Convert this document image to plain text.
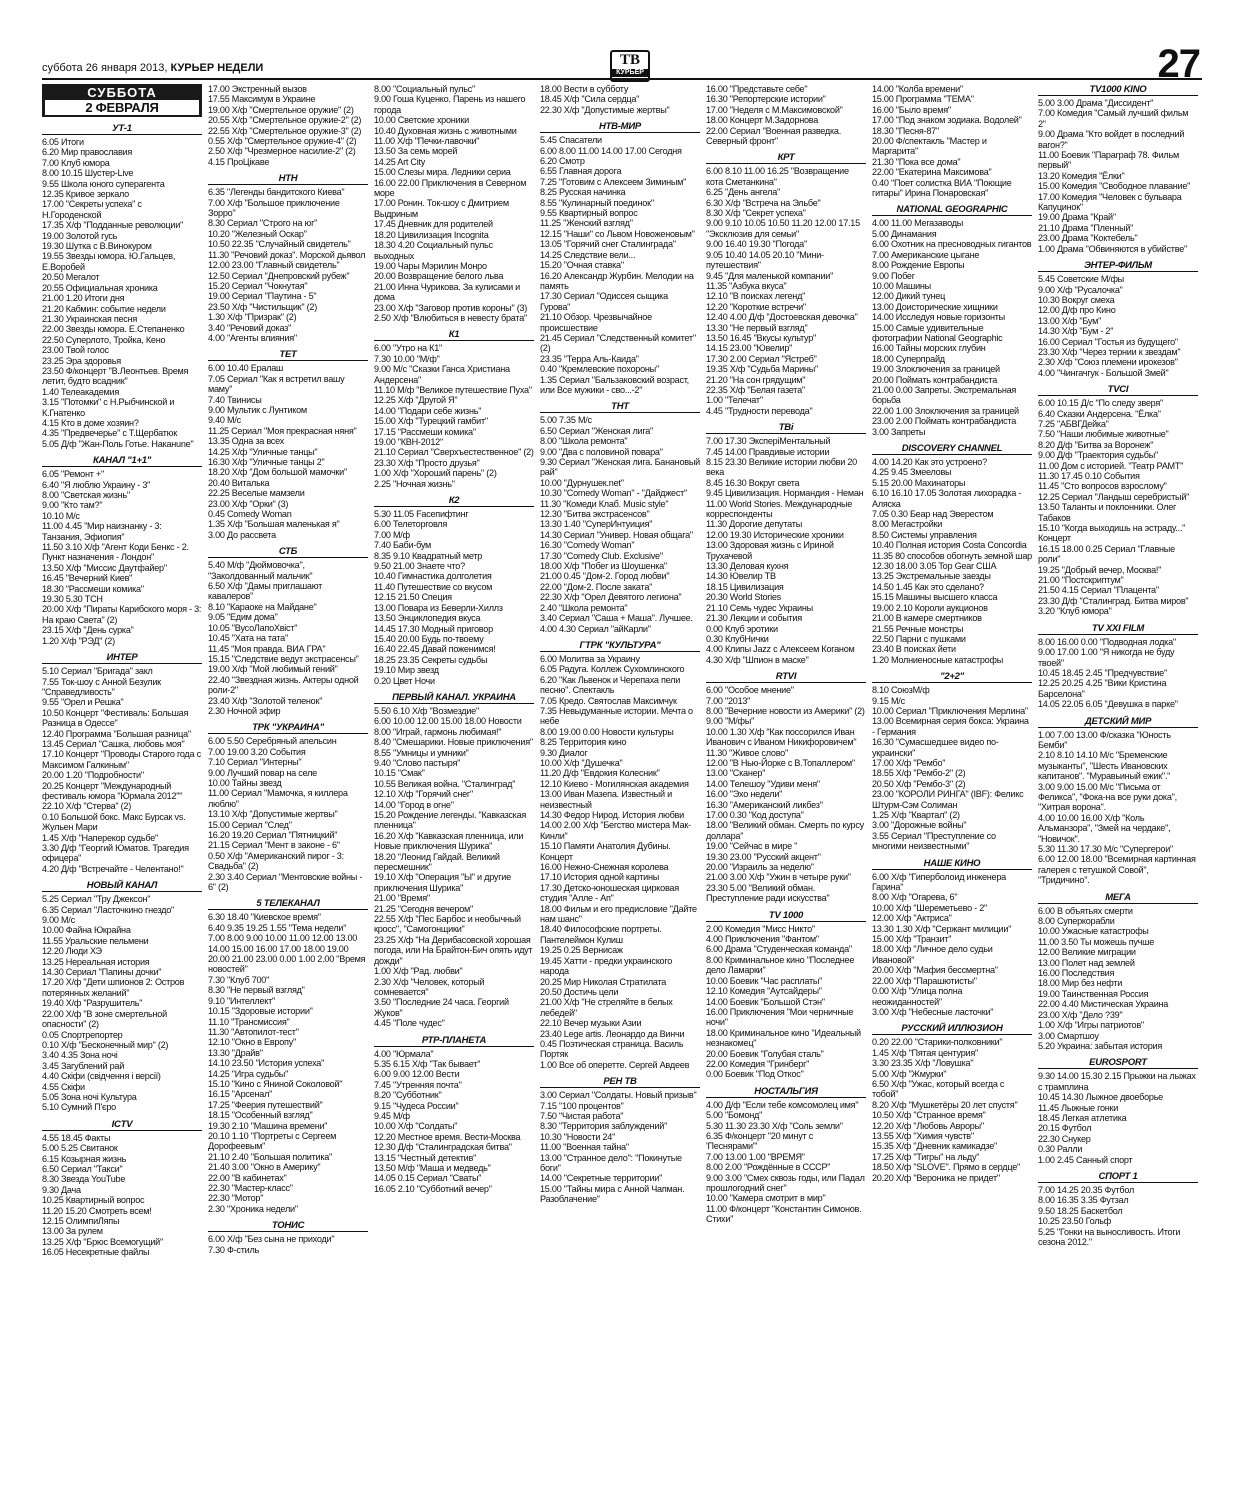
суббота 26 января 2013, КУРЬЕР НЕДЕЛИ	ТВ
КУРЬЕР	27
СУББОТА
2 ФЕВРАЛЯ
УТ-1
6.05 Итоги
6.20 Мир православия
7.00 Клуб юмора
8.00 10.15 Шустер-Live
9.55 Школа юного суперагента
12.35 Кривое зеркало
17.00 "Секреты успеха" с Н.Городенской
17.35 Х/ф "Подданные революции"
19.00 Золотой гусь
19.30 Шутка с В.Винокуром
19.55 Звезды юмора. Ю.Гальцев, Е.Воробей
20.50 Мегалот
20.55 Официальная хроника
21.00 1.20 Итоги дня
21.20 Кабмин: событие недели
21.30 Украинская песня
22.00 Звезды юмора. Е.Степаненко
22.50 Суперлото, Тройка, Кено
23.00 Твой голос
23.25 Эра здоровья
23.50 Ф/концерт "В.Леонтьев. Время летит, будто всадник"
1.40 Телеакадемия
3.15 "Потомки" с Н.Рыбчинской и К.Гнатенко
4.15 Кто в доме хозяин?
4.35 "Предвечерье" с Т.Щербатюк
5.05 Д/ф "Жан-Поль Готье. Наканune"
КАНАЛ "1+1"
6.05 "Ремонт +"
6.40 "Я люблю Украину - 3"
8.00 "Светская жизнь"
9.00 "Кто там?"
10.10 М/с
11.00 4.45 "Мир наизнанку - 3: Танзания, Эфиопия"
11.50 3.10 Х/ф "Агент Коди Бенкс - 2. Пункт назначения - Лондон"
13.50 Х/ф "Миссис Даутфайер"
16.45 "Вечерний Киев"
18.30 "Рассмеши комика"
19.30 5.30 ТСН
20.00 Х/ф "Пираты Карибского моря - 3: На краю Света" (2)
23.15 Х/ф "День сурка"
1.20 Х/ф "РЭД" (2)
ИНТЕР
5.10 Сериал "Бригада" закл
7.55 Ток-шоу с Анной Безулик "Справедливость"
9.55 "Орел и Решка"
10.50 Концерт "Фестиваль: Большая Разница в Одессе"
12.40 Программа "Большая разница"
13.45 Сериал "Сашка, любовь моя"
17.10 Концерт "Проводы Старого года с Максимом Галкиным"
20.00 1.20 "Подробности"
20.25 Концерт "Международный фестиваль юмора "Юрмала 2012""
22.10 Х/ф "Стерва" (2)
0.10 Большой бокс. Макс Бурсак vs. Жульен Мари
1.45 Х/ф "Наперекор судьбе"
3.30 Д/ф "Георгий Юматов. Трагедия офицера"
4.20 Д/ф "Встречайте - Челентано!"
НОВЫЙ КАНАЛ
5.25 Сериал "Тру Джексон"
6.35 Сериал "Ласточкино гнездо"
9.00 М/с
10.00 Файна Юкрайна
11.55 Уральские пельмени
12.20 Люди ХЭ
13.25 Нереальная история
14.30 Сериал "Папины дочки"
17.20 Х/ф "Дети шпионов 2: Остров потерянных желаний"
19.40 Х/ф "Разрушитель"
22.00 Х/ф "В зоне смертельной опасности" (2)
0.05 Спортрепортер
0.10 Х/ф "Бесконечный мир" (2)
3.40 4.35 Зона ночі
3.45 Загублений рай
4.40 Скіфи (свідчення і версії)
4.55 Скіфи
5.05 Зона ночі Культура
5.10 Сумний П'єро
ICTV
4.55 18.45 Факты
5.00 5.25 Свитанок
6.15 Козырная жизнь
6.50 Сериал "Такси"
8.30 Звезда YouTube
9.30 Дача
10.25 Квартирный вопрос
11.20 15.20 Смотреть всем!
12.15 ОлимпиЛяпы
13.00 За рулем
13.25 Х/ф "Брюс Всемогущий"
16.05 Несекретные файлы
17.00 Экстренный вызов
17.55 Максимум в Украине
19.00 Х/ф "Смертельное оружие" (2)
20.55 Х/ф "Смертельное оружие-2" (2)
22.55 Х/ф "Смертельное оружие-3" (2)
0.55 Х/ф "Смертельное оружие-4" (2)
2.50 Х/ф "Чрезмерное насилие-2" (2)
4.15 ПроЦікаве
НТН
6.35 "Легенды бандитского Киева"
7.00 Х/ф "Большое приключение Зорро"
8.30 Сериал "Строго на юг"
10.20 "Железный Оскар"
10.50 22.35 "Случайный свидетель"
11.30 "Речовий доказ". Морской дьявол
12.00 23.00 "Главный свидетель"
12.50 Сериал "Днепровский рубеж"
15.20 Сериал "Чокнутая"
19.00 Сериал "Паутина - 5"
23.50 Х/ф "Чистильщик" (2)
1.30 Х/ф "Призрак" (2)
3.40 "Речовий доказ"
4.00 "Агенты влияния"
ТЕТ
6.00 10.40 Ералаш
7.05 Сериал "Как я встретил вашу маму"
7.40 Твинисы
9.00 Мультик с Лунтиком
9.40 М/с
11.25 Сериал "Моя прекрасная няня"
13.35 Одна за всех
14.25 Х/ф "Уличные танцы"
16.30 Х/ф "Уличные танцы 2"
18.20 Х/ф "Дом большой мамочки"
20.40 Виталька
22.25 Веселые мамзели
23.00 Х/ф "Орки" (3)
0.45 Comedy Woman
1.35 Х/ф "Большая маленькая я"
3.00 До рассвета
СТБ
5.40 М/ф "Дюймовочка", "Заколдованный мальчик"
6.50 Х/ф "Дамы приглашают кавалеров"
8.10 "Караоке на Майдане"
9.05 "Едим дома"
10.05 "ВусоЛапоХвіст"
10.45 "Хата на тата"
11.45 "Моя правда. ВИА ГРА"
15.15 "Следствие ведут экстрасенсы"
19.00 Х/ф "Мой любимый гений"
22.40 "Звездная жизнь. Актеры одной роли-2"
23.40 Х/ф "Золотой теленок"
2.30 Ночной эфир
ТРК "УКРАИНА"
6.00 5.50 Серебряный апельсин
7.00 19.00 3.20 События
7.10 Сериал "Интерны"
9.00 Лучший повар на селе
10.00 Тайны звезд
11.00 Сериал "Мамочка, я киллера люблю"
13.10 Х/ф "Допустимые жертвы"
15.00 Сериал "След"
16.20 19.20 Сериал "Пятницкий"
21.15 Сериал "Мент в законе - 6"
0.50 Х/ф "Американский пирог - 3: Свадьба" (2)
2.30 3.40 Сериал "Ментовские войны - 6" (2)
5 ТЕЛЕКАНАЛ
6.30 18.40 "Киевское время"
6.40 9.35 19.25 1.55 "Тема недели"
7.00 8.00 9.00 10.00 11.00 12.00 13.00 14.00 15.00 16.00 17.00 18.00 19.00 20.00 21.00 23.00 0.00 1.00 2.00 "Время новостей"
7.30 "Клуб 700"
8.30 "Не первый взгляд"
9.10 "Интеллект"
10.15 "Здоровые истории"
11.10 "Трансмиссия"
11.30 "Автопилот-тест"
12.10 "Окно в Европу"
13.30 "Драйв"
14.10 23.50 "История успеха"
14.25 "Игра судьбы"
15.10 "Кино с Яниной Соколовой"
16.15 "Арсенал"
17.25 "Феерия путешествий"
18.15 "Особенный взгляд"
19.30 2.10 "Машина времени"
20.10 1.10 "Портреты с Сергеем Дорофеевым"
21.10 2.40 "Большая политика"
21.40 3.00 "Окно в Америку"
22.00 "В кабинетах"
22.30 "Мастер-класс"
22.30 "Мотор"
2.30 "Хроника недели"
ТОНИС
6.00 Х/ф "Без сына не приходи"
7.30 Ф-стиль
8.00 "Социальный пульс"
9.00 Гоша Куценко. Парень из нашего города
10.00 Светские хроники
10.40 Духовная жизнь с животными
11.00 Х/ф "Печки-лавочки"
13.50 За семь морей
14.25 Art City
15.00 Слезы мира. Ледники сериа
16.00 22.00 Приключения в Северном море
17.00 Ронин. Ток-шоу с Дмитрием Выдриным
17.45 Дневник для родителей
18.20 Цивилизация Incognita
18.30 4.20 Социальный пульс выходных
19.00 Чары Мэрилин Монро
20.00 Возвращение белого льва
21.00 Инна Чурикова. За кулисами и дома
23.00 Х/ф "Заговор против короны" (3)
2.50 Х/ф "Влюбиться в невесту брата"
К1
6.00 "Утро на К1"
7.30 10.00 "М/ф"
9.00 М/с "Сказки Ганса Христиана Андерсена"
11.10 М/ф "Великое путешествие Пуха"
12.25 Х/ф "Другой Я"
14.00 "Подари себе жизнь"
15.00 Х/ф "Турецкий гамбит"
17.15 "Рассмеши комика"
19.00 "КВН-2012"
21.10 Сериал "Сверхъестественное" (2)
23.30 Х/ф "Просто друзья"
1.00 Х/ф "Хороший парень" (2)
2.25 "Ночная жизнь"
К2
5.30 11.05 Fасепифтинг
6.00 Телеторговля
7.00 М/ф
7.40 Баби-бум
8.35 9.10 Квадратный метр
9.50 21.00 Знаете что?
10.40 Гимнастика долголетия
11.40 Путешествие со вкусом
12.15 21.50 Специя
13.00 Повара из Беверли-Хиллз
13.50 Энциклопедия вкуса
14.45 17.30 Модный приговор
15.40 20.00 Будь по-твоему
16.40 22.45 Давай поженимся!
18.25 23.35 Секреты судьбы
19.10 Мир звезд
0.20 Цвет Ночи
ПЕРВЫЙ КАНАЛ. УКРАИНА
5.50 6.10 Х/ф "Возмездие"
6.00 10.00 12.00 15.00 18.00 Новости
8.00 "Играй, гармонь любимая!"
8.40 "Смешарики. Новые приключения"
8.55 "Умницы и умники"
9.40 "Слово пастыря"
10.15 "Смак"
10.55 Великая война. "Сталинград"
12.10 Х/ф "Горячий снег"
14.00 "Город в огне"
15.20 Рождение легенды. "Кавказская пленница"
16.20 Х/ф "Кавказская пленница, или Новые приключения Шурика"
18.20 "Леонид Гайдай. Великий пересмешник"
19.10 Х/ф "Операция "Ы" и другие приключения Шурика"
21.00 "Время"
21.25 "Сегодня вечером"
22.55 Х/ф "Пес Барбос и необычный кросс", "Самогонщики"
23.25 Х/ф "На Дерибасовской хорошая погода, или На Брайтон-Бич опять идут дожди"
1.00 Х/ф "Рад. любви"
2.30 Х/ф "Человек, который сомневается"
3.50 "Последние 24 часа. Георгий Жуков"
4.45 "Поле чудес"
РТР-ПЛАНЕТА
4.00 "Юрмала"
5.35 6.15 Х/ф "Так бывает"
6.00 9.00 12.00 Вести
7.45 "Утренняя почта"
8.20 "Субботник"
9.15 "Чудеса России"
9.45 М/ф
10.00 Х/ф "Солдаты"
12.20 Местное время. Вести-Москва
12.30 Д/ф "Сталинградская битва"
13.15 "Честный детектив"
13.50 М/ф "Маша и медведь"
14.05 0.15 Сериал "Сваты"
16.05 2.10 "Субботний вечер"
18.00 Вести в субботу
18.45 Х/ф "Сила сердца"
22.30 Х/ф "Допустимые жертвы"
НТВ-МИР
5.45 Спасатели
6.00 8.00 11.00 14.00 17.00 Сегодня
6.20 Смотр
6.55 Главная дорога
7.25 "Готовим с Алексеем Зиминым"
8.25 Русская начинка
8.55 "Кулинарный поединок"
9.55 Квартирный вопрос
11.25 "Женский взгляд"
12.15 "Наши" со Львом Новоженовым"
13.05 "Горячий снег Сталинграда"
14.25 Следствие вели...
15.20 "Очная ставка"
16.20 Александр Журбин. Мелодии на память
17.30 Сериал "Одиссея сыщика Гурова"
21.10 Обзор. Чрезвычайное происшествие
21.45 Сериал "Следственный комитет" (2)
23.35 "Терра Аль-Каида"
0.40 "Кремлевские похороны"
1.35 Сериал "Бальзаковский возраст, или Все мужики - сво...-2"
ТНТ
5.00 7.35 М/с
6.50 Сериал "Женская лига"
8.00 "Школа ремонта"
9.00 "Два с половиной повара"
9.30 Сериал "Женская лига. Банановый рай"
10.00 "Дурнушек.net"
10.30 "Comedy Woman" - "Дайджест"
11.30 "Комеди Клаб. Music style"
12.30 "Битва экстрасенсов"
13.30 1.40 "СуперИнтуиция"
14.30 Сериал "Универ. Новая общага"
16.30 "Comedy Woman"
17.30 "Comedy Club. Exclusive"
18.00 Х/ф "Побег из Шоушенка"
21.00 0.45 "Дом-2. Город любви"
22.00 "Дом-2. После заката"
22.30 Х/ф "Орел Девятого легиона"
2.40 "Школа ремонта"
3.40 Сериал "Саша + Маша". Лучшее.
4.00 4.30 Сериал "айКарли"
ГТРК "КУЛЬТУРА"
6.00 Молитва за Украину
6.05 Радуга. Коллеж Сухомлинского
6.20 "Как Львенок и Черепаха пели песню". Спектакль
7.05 Кредо. Святослав Максимчук
7.35 Невыдуманные истории. Мечта о небе
8.00 19.00 0.00 Новости культуры
8.25 Территория кино
9.30 Диалог
10.00 Х/ф "Душечка"
11.20 Д/ф "Евдокия Колесник"
12.10 Киево - Могилянская академия
13.00 Иван Мазепа. Известный и неизвестный
14.30 Федор Нирод. История любви
14.00 2.00 Х/ф "Бегство мистера Мак-Кинли"
15.10 Памяти Анатолия Дубины. Концерт
16.00 Нежно-Снежная королева
17.10 История одной картины
17.30 Детско-юношеская цирковая студия "Алле - Ап"
18.00 Фильм и его предисловие "Дайте нам шанс"
18.40 Философские портреты. Пантелеймон Кулиш
19.25 0.25 Вернисаж
19.45 Хатти - предки украинского народа
20.25 Мир Николая Стратилата
20.50 Достичь цели
21.00 Х/ф "Не стреляйте в белых лебедей"
22.10 Вечер музыки Азии
23.40 Lege artis. Леонардо да Винчи
0.45 Поэтическая страница. Василь Портяк
1.00 Все об оперетте. Сергей Авдеев
РЕН ТВ
3.00 Сериал "Солдаты. Новый призыв"
7.15 "100 процентов"
7.50 "Чистая работа"
8.30 "Территория заблуждений"
10.30 "Новости 24"
11.00 "Военная тайна"
13.00 "Странное дело": "Покинутые боги"
14.00 "Секретные территории"
15.00 "Тайны мира с Анной Чапман. Разоблачение"
16.00 "Представьте себе"
16.30 "Репортерские истории"
17.00 "Неделя с М.Максимовской"
18.00 Концерт М.Задорнова
22.00 Сериал "Военная разведка. Северный фронт"
КРТ
6.00 8.10 11.00 16.25 "Возвращение кота Сметанкина"
6.25 "День ангела"
6.30 Х/ф "Встреча на Эльбе"
8.30 Х/ф "Секрет успеха"
9.00 9.10 10.05 10.50 11.20 12.00 17.15 "Эксклюзив для семьи"
9.00 16.40 19.30 "Погода"
9.05 10.40 14.05 20.10 "Мини-путешествия"
9.45 "Для маленькой компании"
11.35 "Азбука вкуса"
12.10 "В поисках легенд"
12.20 "Короткие встречи"
12.40 4.00 Д/ф "Достоевская девочка"
13.30 "Не первый взгляд"
13.50 16.45 "Вкусы культур"
14.15 23.00 "Ювелир"
17.30 2.00 Сериал "Ястреб"
19.35 Х/ф "Судьба Марины"
21.20 "На сон грядущим"
22.35 Х/ф "Белая газета"
1.00 "Телечат"
4.45 "Трудности перевода"
ТВі
7.00 17.30 ЭксперіМентальный
7.45 14.00 Правдивые истории
8.15 23.30 Великие истории любви 20 века
8.45 16.30 Вокруг света
9.45 Цивилизация. Нормандия - Неман
11.00 World Stories. Международные корреспонденты
11.30 Дорогие депутаты
12.00 19.30 Исторические хроники
13.00 Здоровая жизнь с Ириной Трухачевой
13.30 Деловая кухня
14.30 Ювелир ТВ
18.15 Цивилизация
20.30 World Stories
21.10 Семь чудес Украины
21.30 Лекции и события
0.00 Клуб эротики
0.30 КлубНички
4.00 Клипы Jazz с Алексеем Коганом
4.30 Х/ф "Шпион в маске"
RTVI
6.00 "Особое мнение"
7.00 "2013"
8.00 "Вечерние новости из Америки" (2)
9.00 "М/фы"
10.00 1.30 Х/ф "Как поссорился Иван Иванович с Иваном Никифоровичем"
11.30 "Живое слово"
12.00 "В Нью-Йорке с В.Топаллером"
13.00 "Сканер"
14.00 Телешоу "Удиви меня"
16.00 "Эхо недели"
16.30 "Американский ликбез"
17.00 0.30 "Код доступа"
18.00 "Великий обман. Смерть по курсу доллара"
19.00 "Сейчас в мире "
19.30 23.00 "Русский акцент"
20.00 "Израиль за неделю"
21.00 3.00 Х/ф "Ужин в четыре руки"
23.30 5.00 "Великий обман. Преступление ради искусства"
TV 1000
2.00 Комедия "Мисс Никто"
4.00 Приключения "Фантом"
6.00 Драма "Студенческая команда"
8.00 Криминальное кино "Последнее дело Ламарки"
10.00 Боевик "Час расплаты"
12.10 Комедия "Аутсайдеры"
14.00 Боевик "Большой Стэн"
16.00 Приключения "Мои черничные ночи"
18.00 Криминальное кино "Идеальный незнакомец"
20.00 Боевик "Голубая сталь"
22.00 Комедия "Гринберг"
0.00 Боевик "Под Откос"
НОСТАЛЬГИЯ
4.00 Д/ф "Если тебе комсомолец имя"
5.00 "Бомонд"
5.30 11.30 23.30 Х/ф "Соль земли"
6.35 Ф/концерт "20 минут с 'Песнярами'"
7.00 13.00 1.00 "ВРЕМЯ"
8.00 2.00 "Рождённые в СССР"
9.00 3.00 "Смех сквозь годы, или Падал прошлогодний снег"
10.00 "Камера смотрит в мир"
11.00 Ф/концерт "Константин Симонов. Стихи"
14.00 "Колба времени"
15.00 Программа "ТЕМА"
16.00 "Было время"
17.00 "Под знаком зодиака. Водолей"
18.30 "Песня-87"
20.00 Ф/спектакль "Мастер и Маргарита"
21.30 "Пока все дома"
22.00 "Екатерина Максимова"
0.40 "Поет солистка ВИА "Поющие гитары" Ирина Понаровская"
NATIONAL GEOGRAPHIC
4.00 11.00 Мегазаводы
5.00 Динамания
6.00 Охотник на пресноводных гигантов
7.00 Американские цыгане
8.00 Рождение Европы
9.00 Побег
10.00 Машины
12.00 Дикий тунец
13.00 Доисторические хищники
14.00 Исследуя новые горизонты
15.00 Самые удивительные фотографии National Geographic
16.00 Тайны морских глубин
18.00 Суперпрайд
19.00 Злоключения за границей
20.00 Поймать контрабандиста
21.00 0.00 Запреты. Экстремальная борьба
22.00 1.00 Злоключения за границей
23.00 2.00 Поймать контрабандиста
3.00 Запреты
DISCOVERY CHANNEL
4.00 14.20 Как это устроено?
4.25 9.45 Змееловы
5.15 20.00 Махинаторы
6.10 16.10 17.05 Золотая лихорадка - Аляска
7.05 0.30 Беар над Эверестом
8.00 Мегастройки
8.50 Системы управления
10.40 Полная история Costa Concordia
11.35 80 способов обогнуть земной шар
12.30 18.00 3.05 Top Gear США
13.25 Экстремальные заезды
14.50 1.45 Как это сделано?
15.15 Машины высшего класса
19.00 2.10 Короли аукционов
21.00 В камере смертников
21.55 Речные монстры
22.50 Парни с пушками
23.40 В поисках йети
1.20 Молниеносные катастрофы
"2+2"
8.10 СоюзМ/ф
9.15 М/с
10.00 Сериал "Приключения Мерлина"
13.00 Всемирная серия бокса: Украина - Германия
16.30 "Сумасшедшее видео по-украински"
17.00 Х/ф "Рембо"
18.55 Х/ф "Рембо-2" (2)
20.50 Х/ф "Рембо-3" (2)
23.00 "КОРОЛИ РИНГА" (IBF): Феликс Штурм-Сэм Солиман
1.25 Х/ф "Квартал" (2)
3.00 "Дорожные войны"
3.55 Сериал "Преступление со многими неизвестными"
НАШЕ КИНО
6.00 Х/ф "Гиперболоид инженера Гарина"
8.00 Х/ф "Огарева, 6"
10.00 Х/ф "Шереметьево - 2"
12.00 Х/ф "Актриса"
13.30 1.30 Х/ф "Сержант милиции"
15.00 Х/ф "Транзит"
18.00 Х/ф "Личное дело судьи Ивановой"
20.00 Х/ф "Мафия бессмертна"
22.00 Х/ф "Парашютисты"
0.00 Х/ф "Улица полна неожиданностей"
3.00 Х/ф "Небесные ласточки"
РУССКИЙ ИЛЛЮЗИОН
0.20 22.00 "Старики-полковники"
1.45 Х/ф "Пятая центурия"
3.30 23.35 Х/ф "Ловушка"
5.00 Х/ф "Жмурки"
6.50 Х/ф "Ужас, который всегда с тобой"
8.20 Х/ф "Мушкетёры 20 лет спустя"
10.50 Х/ф "Странное время"
12.20 Х/ф "Любовь Авроры"
13.55 Х/ф "Химия чувств"
15.35 Х/ф "Дневник камикадзе"
17.25 Х/ф "Тигры" на льду"
18.50 Х/ф "SLOVE". Прямо в сердце"
20.20 Х/ф "Вероника не придет"
TV1000 KINO
5.00 3.00 Драма "Диссидент"
7.00 Комедия "Самый лучший фильм 2"
9.00 Драма "Кто войдет в последний вагон?"
11.00 Боевик "Параграф 78. Фильм первый"
13.20 Комедия "Ёлки"
15.00 Комедия "Свободное плавание"
17.00 Комедия "Человек с бульвара Капуцинок"
19.00 Драма "Край"
21.10 Драма "Пленный"
23.00 Драма "Коктебель"
1.00 Драма "Обвиняются в убийстве"
ЭНТЕР-ФИЛЬМ
5.45 Советские М/фы
9.00 Х/ф "Русалочка"
10.30 Вокруг смеха
12.00 Д/ф про Кино
13.00 Х/ф "Бум"
14.30 Х/ф "Бум - 2"
16.00 Сериал "Гостья из будущего"
23.30 Х/ф "Через тернии к звездам"
2.30 Х/ф "Союз племени ирокезов"
4.00 "Чингачгук - Большой Змей"
TVCI
6.00 10.15 Д/с "По следу зверя"
6.40 Сказки Андерсена. "Ёлка"
7.25 "АБВГДейка"
7.50 "Наши любимые животные"
8.20 Д/ф "Битва за Воронеж"
9.00 Д/ф "Траектория судьбы"
11.00 Дом с историей. "Театр РАМТ"
11.30 17.45 0.10 События
11.45 "Сто вопросов взрослому"
12.25 Сериал "Ландыш серебристый"
13.50 Таланты и поклонники. Олег Табаков
15.10 "Когда выходишь на эстраду..." Концерт
16.15 18.00 0.25 Сериал "Главные роли"
19.25 "Добрый вечер, Москва!"
21.00 "Постскриптум"
21.50 4.15 Сериал "Плацента"
23.30 Д/ф "Сталинград. Битва миров"
3.20 "Клуб юмора"
TV XXI FILM
8.00 16.00 0.00 "Подводная лодка"
9.00 17.00 1.00 "Я никогда не буду твоей"
10.45 18.45 2.45 "Предчувствие"
12.25 20.25 4.25 "Вики Кристина Барселона"
14.05 22.05 6.05 "Девушка в парке"
ДЕТСКИЙ МИР
1.00 7.00 13.00 Ф/сказка "Юность Бемби"
2.10 8.10 14.10 М/с "Бременские музыканты", "Шесть Ивановских капитанов". "Муравьиный ежик"."
3.00 9.00 15.00 М/с "Письма от Феликса", "Фока-на все руки дока", "Хитрая ворона".
4.00 10.00 16.00 Х/ф "Коль Альманзора", "Змей на чердаке", "Новичок".
5.30 11.30 17.30 М/с "Супергерои"
6.00 12.00 18.00 "Всемирная картинная галерея с тетушкой Совой", "Тридичино".
МЕГА
6.00 В объятьях смерти
8.00 Суперкорабли
10.00 Ужасные катастрофы
11.00 3.50 Ты можешь пучше
12.00 Великие миграции
13.00 Полет над землей
16.00 Последствия
18.00 Мир без нефти
19.00 Таинственная Россия
22.00 4.40 Мистическая Украина
23.00 Х/ф "Дело ?39"
1.00 Х/ф "Игры патриотов"
3.00 Смартшоу
5.20 Украина: забытая история
EUROSPORT
9.30 14.00 15.30 2.15 Прыжки на лыжах с трамплина
10.45 14.30 Лыжное двоеборье
11.45 Лыжные гонки
18.45 Легкая атлетика
20.15 Футбол
22.30 Снукер
0.30 Ралли
1.00 2.45 Санный спорт
СПОРТ 1
7.00 14.25 20.35 Футбол
8.00 16.35 3.35 Футзал
9.50 18.25 Баскетбол
10.25 23.50 Гольф
5.25 "Гонки на выносливость. Итоги сезона 2012."
